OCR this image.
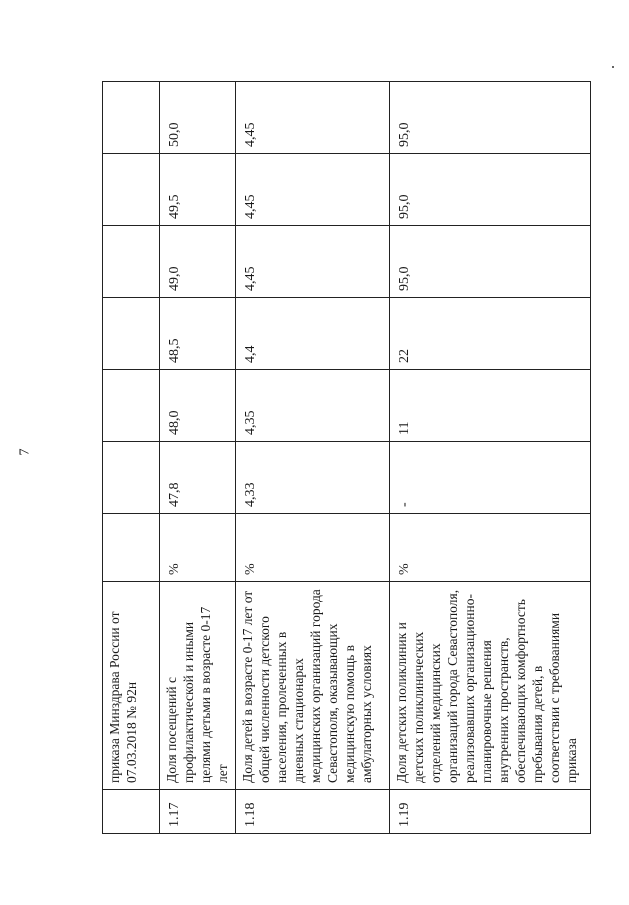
7
	приказа Минздрава России от 07.03.2018 № 92н							
1.17	Доля посещений с профилактической и иными целями детьми в возрасте 0-17 лет	%	47,8	48,0	48,5	49,0	49,5	50,0
1.18	Доля детей в возрасте 0-17 лет от общей численности детского населения, пролеченных в дневных стационарах медицинских организаций города Севастополя, оказывающих медицинскую помощь в амбулаторных условиях	%	4,33	4,35	4,4	4,45	4,45	4,45
1.19	Доля детских поликлиник и детских поликлинических отделений медицинских организаций города Севастополя, реализовавших организационно-планировочные решения внутренних пространств, обеспечивающих комфортность пребывания детей, в соответствии с требованиями приказа	%	-	11	22	95,0	95,0	95,0
